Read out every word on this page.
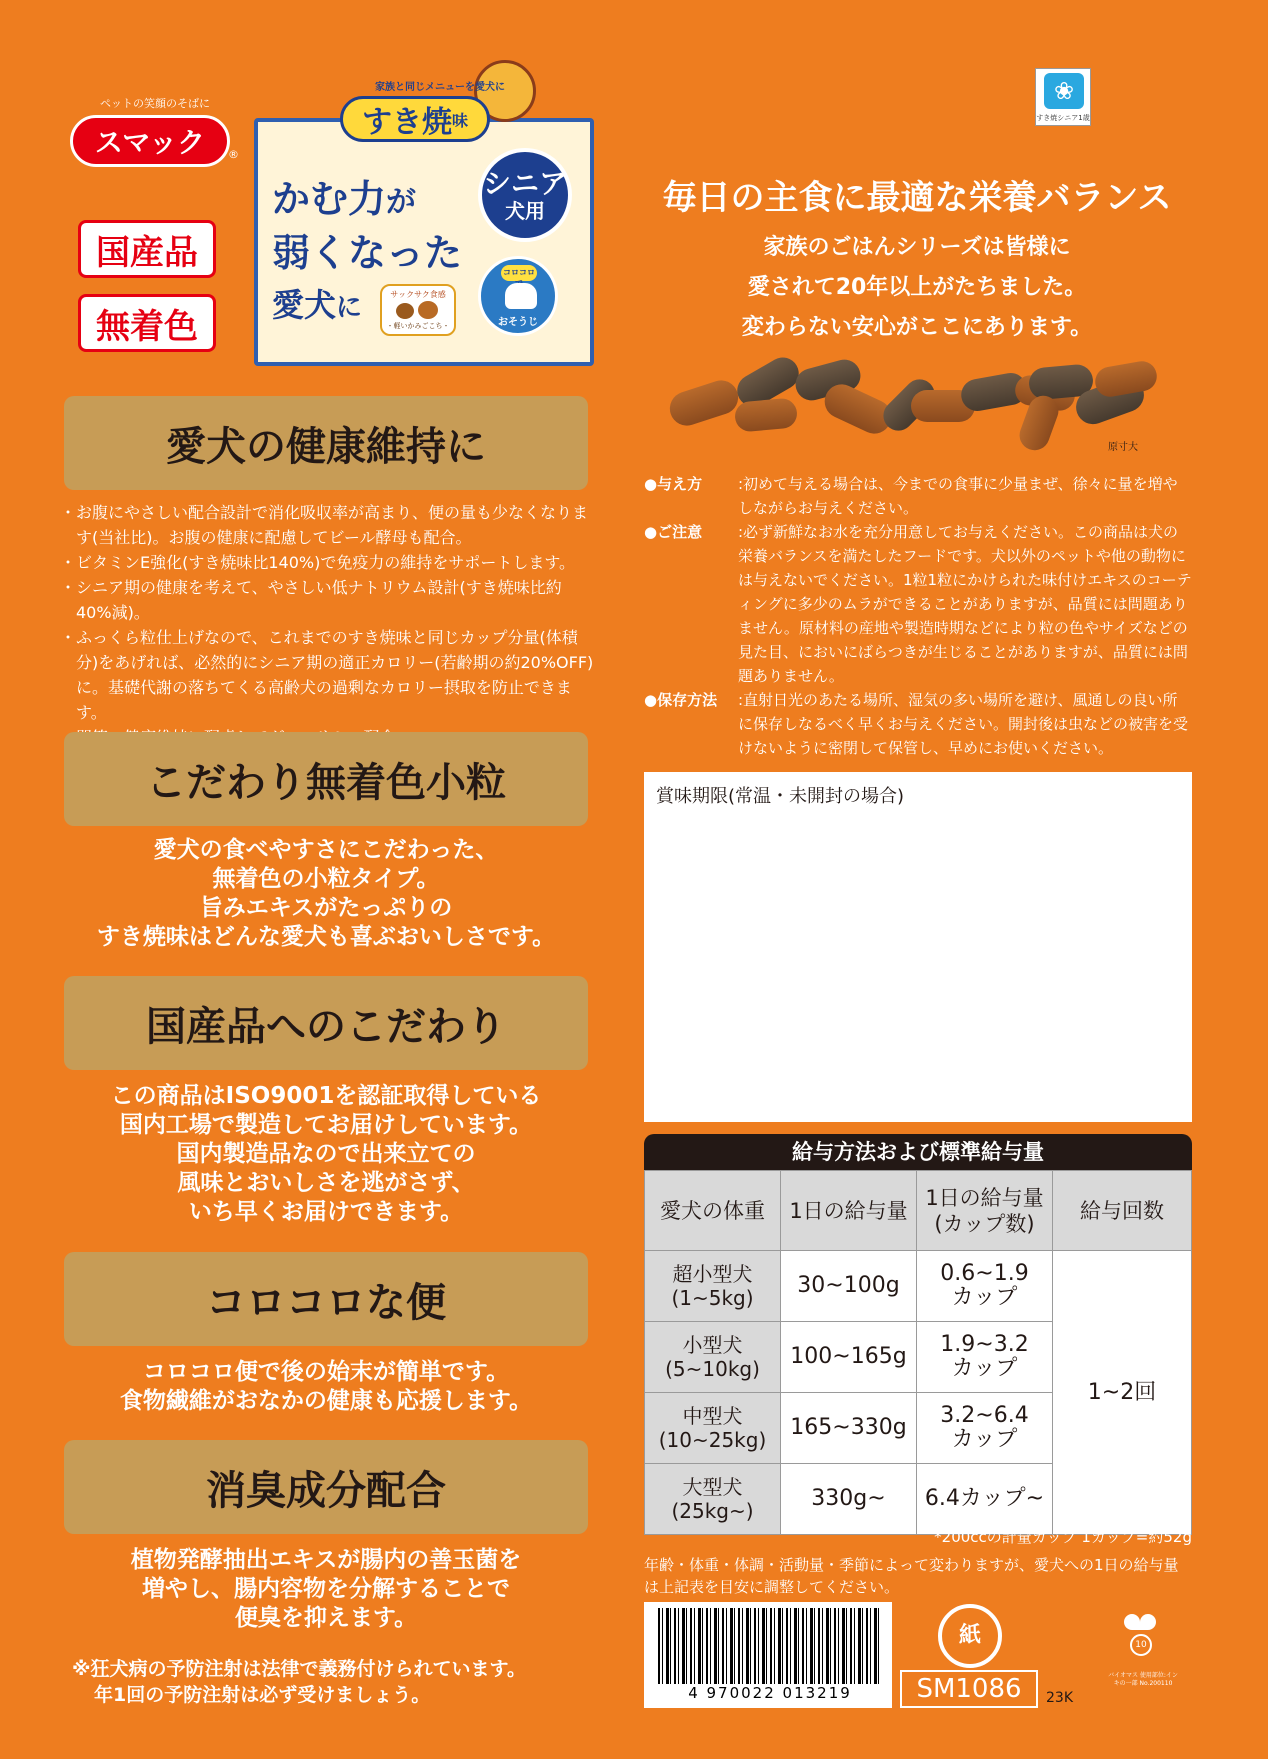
ペットの笑顔のそばに
スマック	®
国産品
無着色
家族と同じメニューを愛犬に
すき焼 味
かむ力が
弱くなった
愛犬に
シニア
犬用
コロコロ
おそうじ
サックサク食感
・軽いかみごこち・
❀
すき焼シニア1歳
愛犬の健康維持に
・ お腹にやさしい配合設計で消化吸収率が高まり、便の量も少なくなります(当社比)。お腹の健康に配慮してビール酵母も配合。
・ ビタミンE強化(すき焼味比140%)で免疫力の維持をサポートします。
・ シニア期の健康を考えて、やさしい低ナトリウム設計(すき焼味比約40%減)。
・ ふっくら粒仕上げなので、これまでのすき焼味と同じカップ分量(体積分)をあげれば、必然的にシニア期の適正カロリー(若齢期の約20%OFF)に。基礎代謝の落ちてくる高齢犬の過剰なカロリー摂取を防止できます。
・
こだわり無着色小粒
愛犬の食べやすさにこだわった、
無着色の小粒タイプ。
旨みエキスがたっぷりの
すき焼味はどんな愛犬も喜ぶおいしさです。
国産品へのこだわり
この商品はISO9001を認証取得している
国内工場で製造してお届けしています。
国内製造品なので出来立ての
風味とおいしさを逃がさず、
いち早くお届けできます。
コロコロな便
コロコロ便で後の始末が簡単です。
食物繊維がおなかの健康も応援します。
消臭成分配合
植物発酵抽出エキスが腸内の善玉菌を
増やし、腸内容物を分解することで
便臭を抑えます。
※狂犬病の予防注射は法律で義務付けられています。
年1回の予防注射は必ず受けましょう。
毎日の主食に最適な栄養バランス
家族のごはんシリーズは皆様に
愛されて20年以上がたちました。
変わらない安心がここにあります。
原寸大
●与え方	:初めて与える場合は、今までの食事に少量まぜ、徐々に量を増やしながらお与えください。
●ご注意	:必ず新鮮なお水を充分用意してお与えください。この商品は犬の栄養バランスを満たしたフードです。犬以外のペットや他の動物には与えないでください。1粒1粒にかけられた味付けエキスのコーティングに多少のムラができることがありますが、品質には問題ありません。原材料の産地や製造時期などにより粒の色やサイズなどの見た目、においにばらつきが生じることがありますが、品質には問題ありません。
●保存方法	:直射日光のあたる場所、湿気の多い場所を避け、風通しの良い所に保存しなるべく早くお与えください。開封後は虫などの被害を受けないように密閉して保管し、早めにお使いください。
賞味期限(常温・未開封の場合)
給与方法および標準給与量
愛犬の体重	1日の給与量	1日の給与量
(カップ数)	給与回数
超小型犬
(1~5kg)	30~100g	0.6~1.9
カップ	1~2回
小型犬
(5~10kg)	100~165g	1.9~3.2
カップ	
中型犬
(10~25kg)	165~330g	3.2~6.4
カップ	
大型犬
(25kg~)	330g~	6.4カップ~	
*200ccの計量カップ 1カップ=約52g
年齢・体重・体調・活動量・季節によって変わりますが、愛犬への1日の給与量は上記表を目安に調整してください。
4 970022 013219
紙
SM1086	23K
10
バイオマス 使用部位:インキの一部 No.200110
